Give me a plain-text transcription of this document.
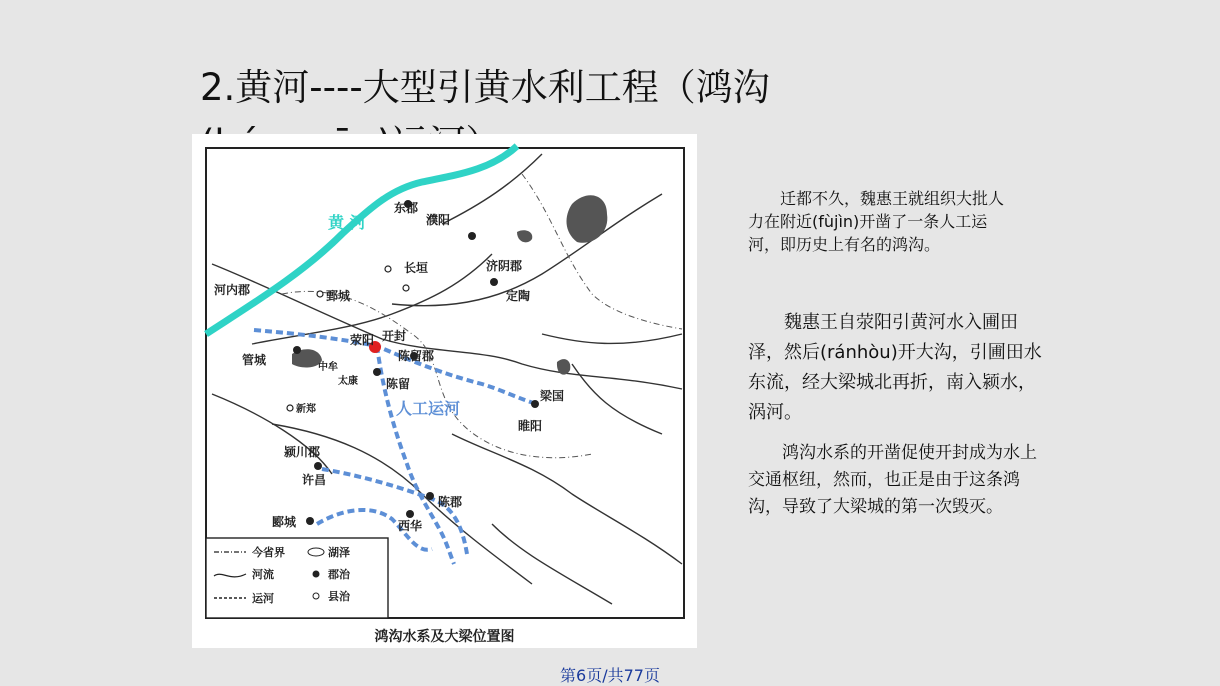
2.黄河----大型引黄水利工程（鸿沟
黄 河
人工运河
开封
河内郡
东郡
濮阳
济阴郡
定陶
长垣
鄄城
荥阳
管城
中牟
太康
陈留郡
陈留
梁国
睢阳
新郑
颍川郡
许昌
陈郡
西华
郾城
今省界
河流
运河
湖泽
郡治
县治
鸿沟水系及大梁位置图

迁都不久，魏惠王就组织大批人力在附近(fùjìn)开凿了一条人工运河，即历史上有名的鸿沟。

魏惠王自荥阳引黄河水入圃田泽，然后(ránhòu)开大沟，引圃田水东流，经大梁城北再折，南入颍水，涡河。

鸿沟水系的开凿促使开封成为水上交通枢纽，然而，也正是由于这条鸿沟，导致了大梁城的第一次毁灭。

第6页/共77页
